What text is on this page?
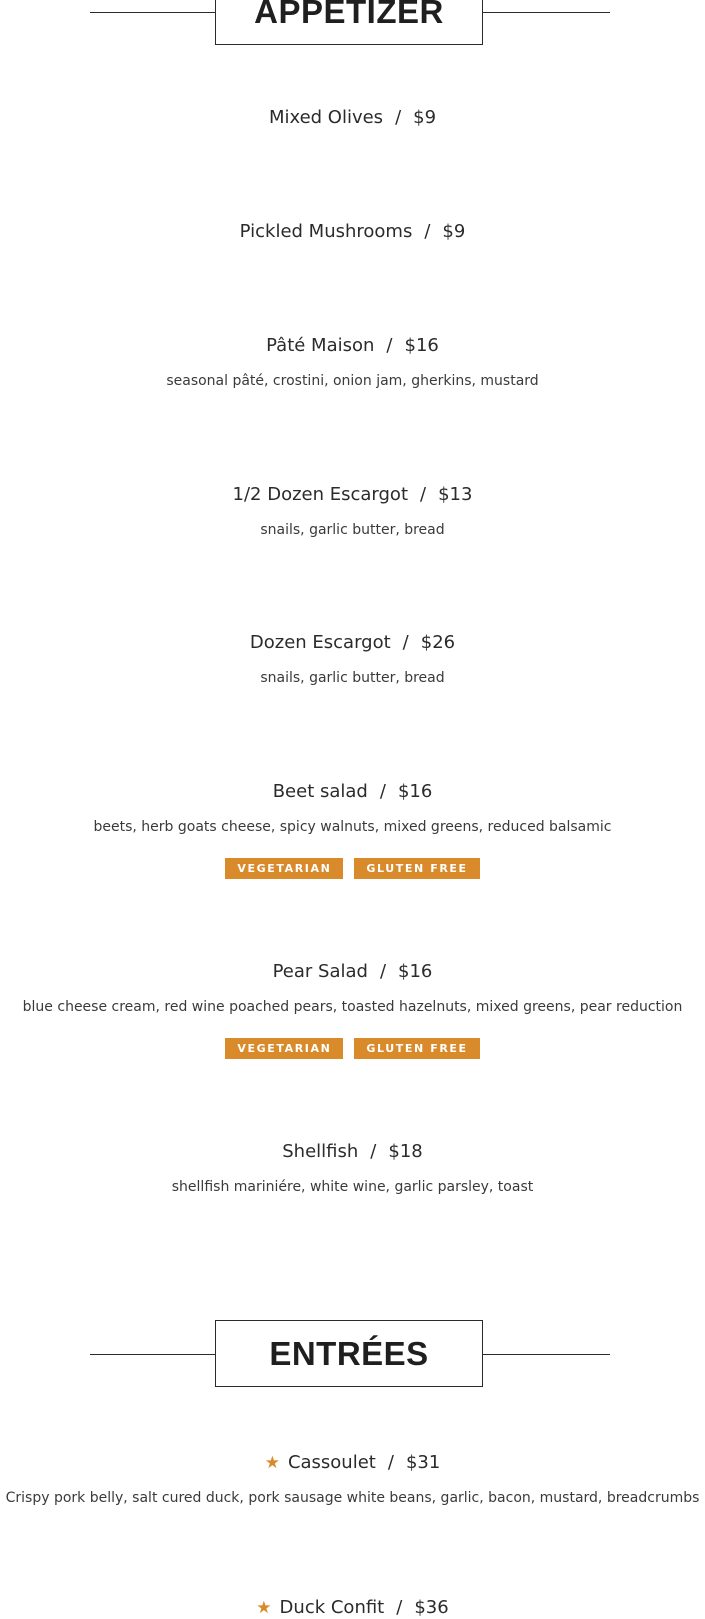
APPETIZER
Mixed Olives / $9
Pickled Mushrooms / $9
Pâté Maison / $16
seasonal pâté, crostini, onion jam, gherkins, mustard
1/2 Dozen Escargot / $13
snails, garlic butter, bread
Dozen Escargot / $26
snails, garlic butter, bread
Beet salad / $16
beets, herb goats cheese, spicy walnuts, mixed greens, reduced balsamic
VEGETARIAN	GLUTEN FREE
Pear Salad / $16
blue cheese cream, red wine poached pears, toasted hazelnuts, mixed greens, pear reduction
VEGETARIAN	GLUTEN FREE
Shellfish / $18
shellfish mariniére, white wine, garlic parsley, toast
ENTRÉES
★ Cassoulet / $31
Crispy pork belly, salt cured duck, pork sausage white beans, garlic, bacon, mustard, breadcrumbs
★ Duck Confit / $36
